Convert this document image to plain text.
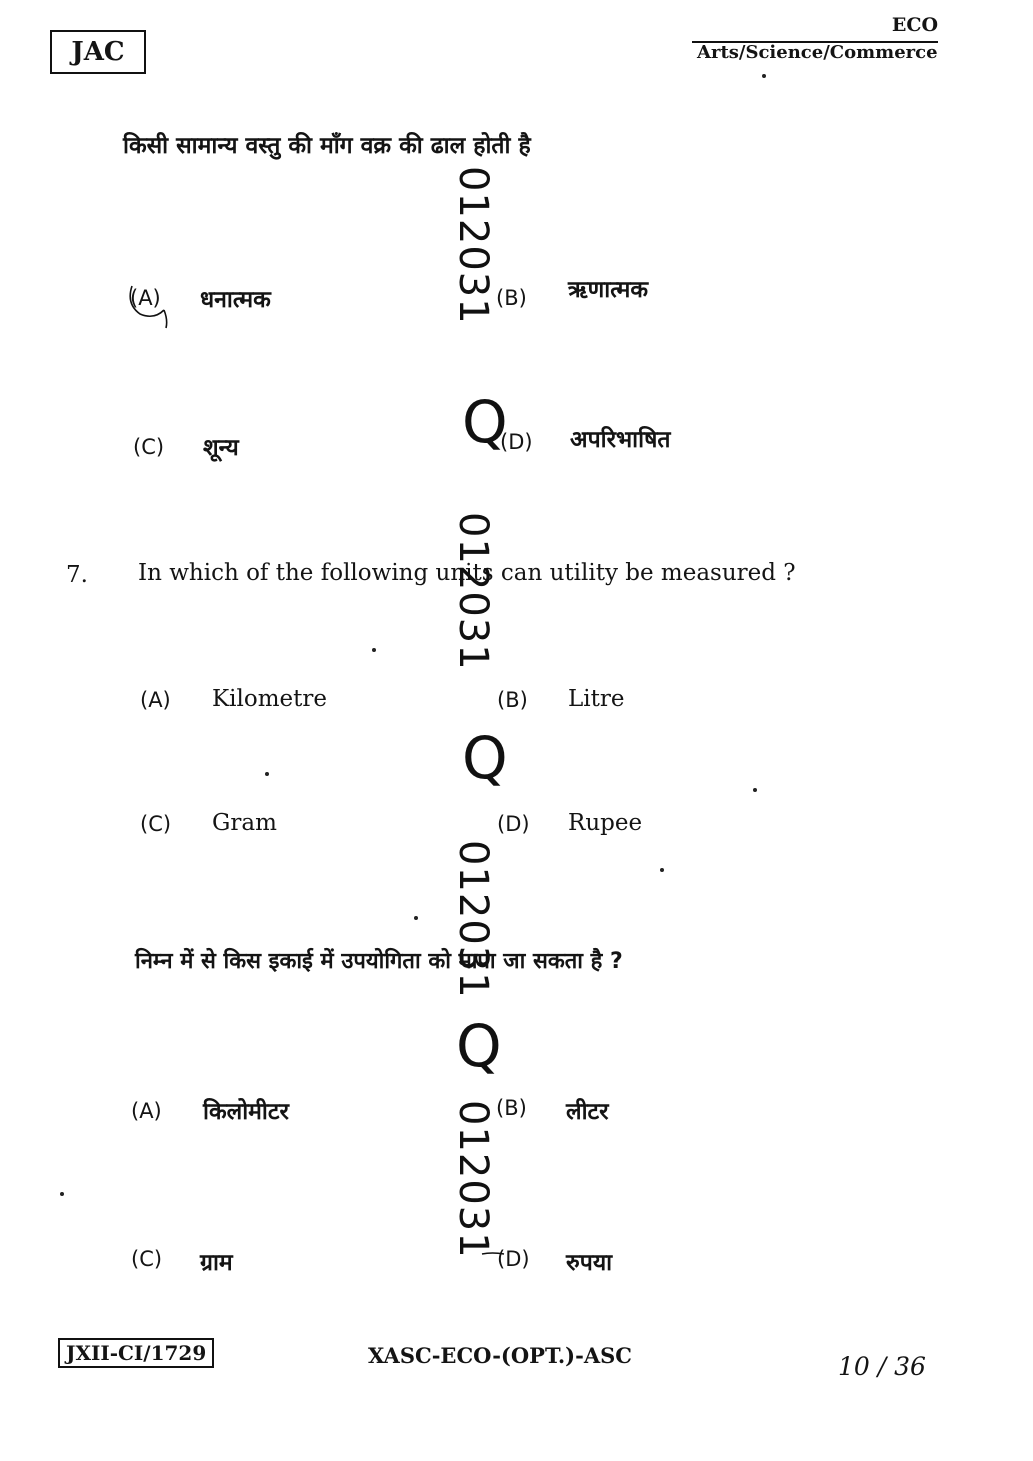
JAC
ECO
Arts/Science/Commerce
किसी सामान्य वस्तु की माँग वक्र की ढाल होती है
(A) धनात्मक	(B) ऋणात्मक
(C) शून्य	(D) अपरिभाषित
7. In which of the following units can utility be measured ?
(A) Kilometre	(B) Litre
(C) Gram	(D) Rupee
निम्न में से किस इकाई में उपयोगिता को मापा जा सकता है ?
(A) किलोमीटर	(B) लीटर
(C) ग्राम	(D) रुपया
012031
012031
012031
012031
Q
Q
Q
JXII-CI/1729	XASC-ECO-(OPT.)-ASC	10 / 36
